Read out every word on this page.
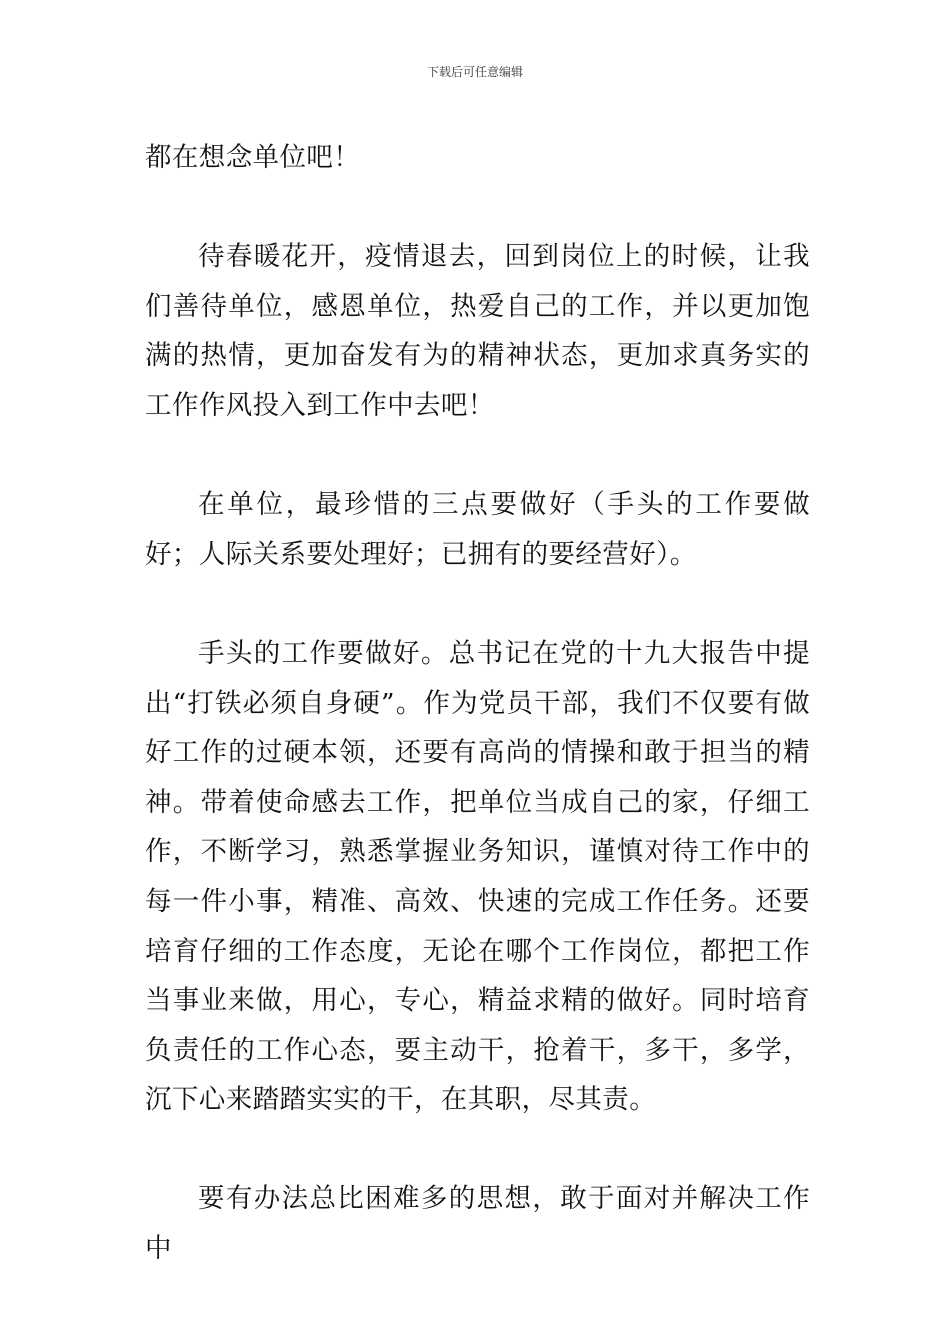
下载后可任意编辑

都在想念单位吧！

待春暖花开，疫情退去，回到岗位上的时候，让我们善待单位，感恩单位，热爱自己的工作，并以更加饱满的热情，更加奋发有为的精神状态，更加求真务实的工作作风投入到工作中去吧！

在单位，最珍惜的三点要做好（手头的工作要做好；人际关系要处理好；已拥有的要经营好）。

手头的工作要做好。总书记在党的十九大报告中提出“打铁必须自身硬”。作为党员干部，我们不仅要有做好工作的过硬本领，还要有高尚的情操和敢于担当的精神。带着使命感去工作，把单位当成自己的家，仔细工作，不断学习，熟悉掌握业务知识，谨慎对待工作中的每一件小事，精准、高效、快速的完成工作任务。还要培育仔细的工作态度，无论在哪个工作岗位，都把工作当事业来做，用心，专心，精益求精的做好。同时培育负责任的工作心态，要主动干，抢着干，多干，多学，沉下心来踏踏实实的干，在其职，尽其责。

要有办法总比困难多的思想，敢于面对并解决工作中
